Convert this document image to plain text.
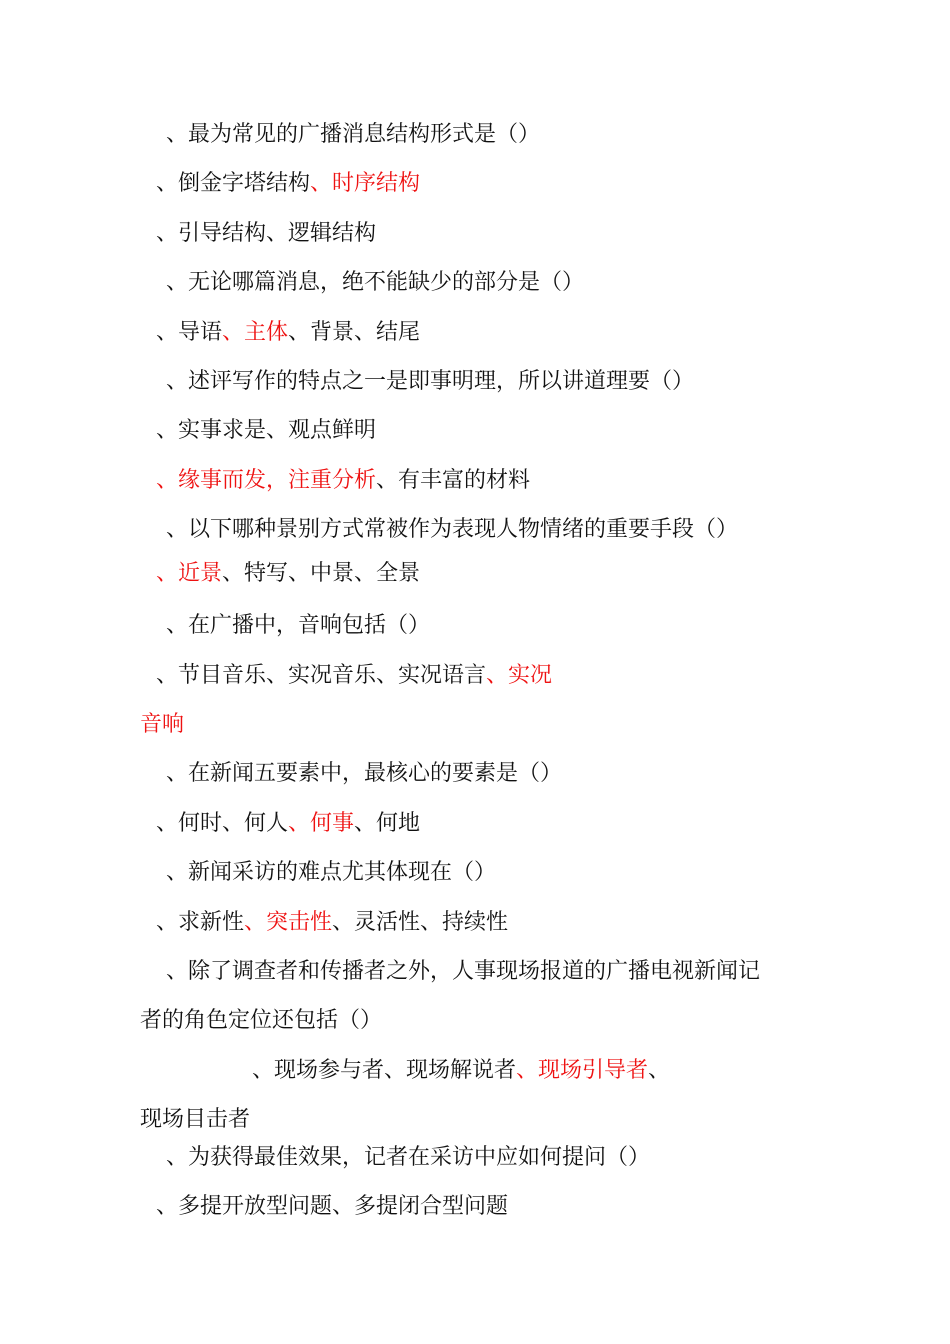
、最为常见的广播消息结构形式是（）
、倒金字塔结构、时序结构
、引导结构、逻辑结构
、无论哪篇消息，绝不能缺少的部分是（）
、导语、主体、背景、结尾
、述评写作的特点之一是即事明理，所以讲道理要（）
、实事求是、观点鲜明
、缘事而发，注重分析、有丰富的材料
、以下哪种景别方式常被作为表现人物情绪的重要手段（）
、近景、特写、中景、全景
、在广播中，音响包括（）
、节目音乐、实况音乐、实况语言、实况
音响
、在新闻五要素中，最核心的要素是（）
、何时、何人、何事、何地
、新闻采访的难点尤其体现在（）
、求新性、突击性、灵活性、持续性
、除了调查者和传播者之外，人事现场报道的广播电视新闻记
者的角色定位还包括（）
、现场参与者、现场解说者、现场引导者、
现场目击者
、为获得最佳效果，记者在采访中应如何提问（）
、多提开放型问题、多提闭合型问题
